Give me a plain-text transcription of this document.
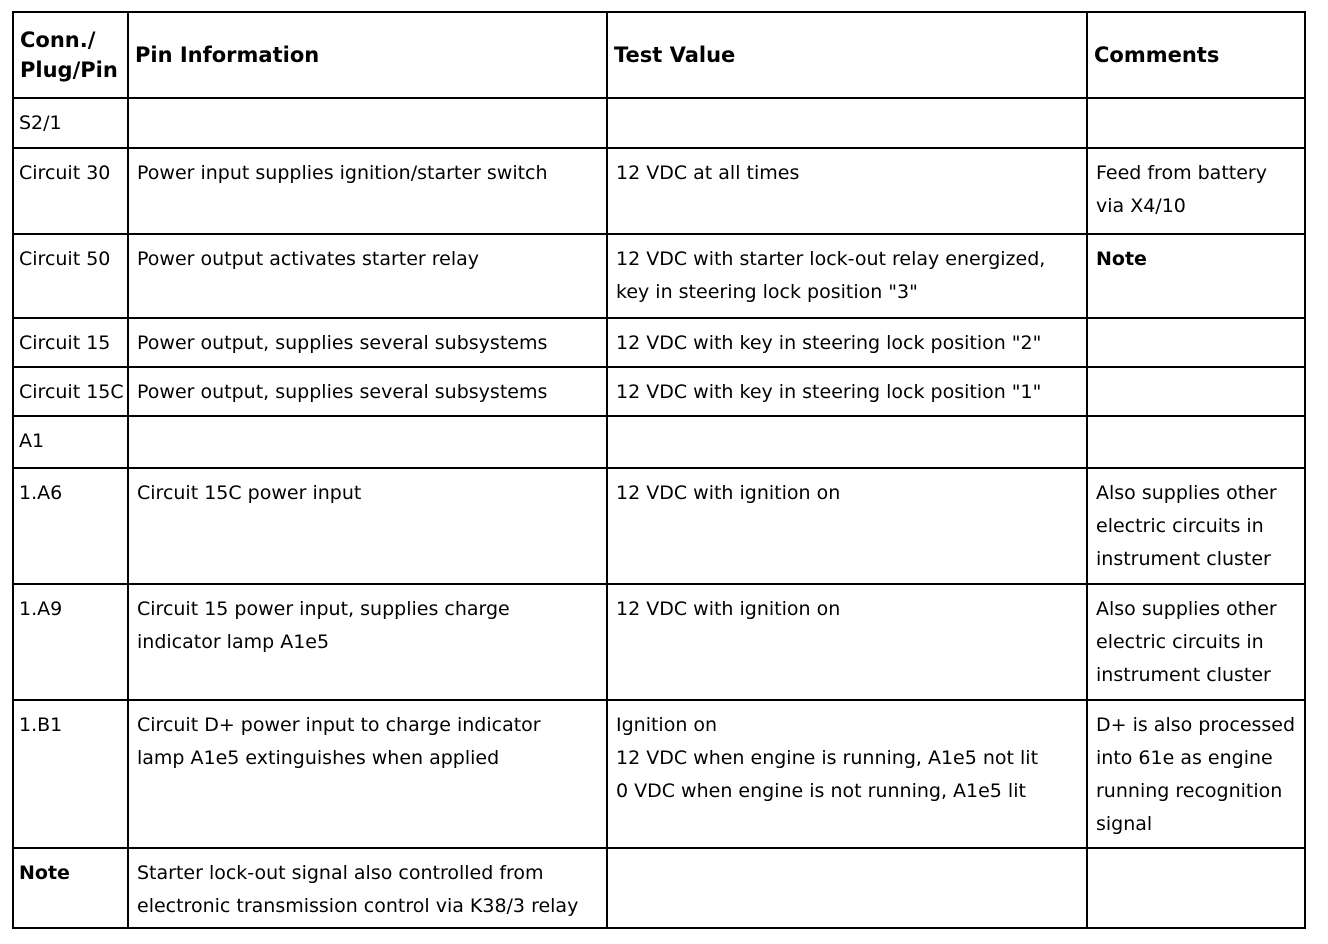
Conn./
Plug/Pin	Pin Information	Test Value	Comments

S2/1			

Circuit 30	Power input supplies ignition/starter switch	12 VDC at all times	Feed from battery
via X4/10

Circuit 50	Power output activates starter relay	12 VDC with starter lock-out relay energized,
key in steering lock position "3"	Note

Circuit 15	Power output, supplies several subsystems	12 VDC with key in steering lock position "2"	

Circuit 15C	Power output, supplies several subsystems	12 VDC with key in steering lock position "1"	

A1			

1.A6	Circuit 15C power input	12 VDC with ignition on	Also supplies other
electric circuits in
instrument cluster

1.A9	Circuit 15 power input, supplies charge
indicator lamp A1e5	12 VDC with ignition on	Also supplies other
electric circuits in
instrument cluster

1.B1	Circuit D+ power input to charge indicator
lamp A1e5 extinguishes when applied	Ignition on
12 VDC when engine is running, A1e5 not lit
0 VDC when engine is not running, A1e5 lit	D+ is also processed
into 61e as engine
running recognition
signal

Note	Starter lock-out signal also controlled from
electronic transmission control via K38/3 relay		
